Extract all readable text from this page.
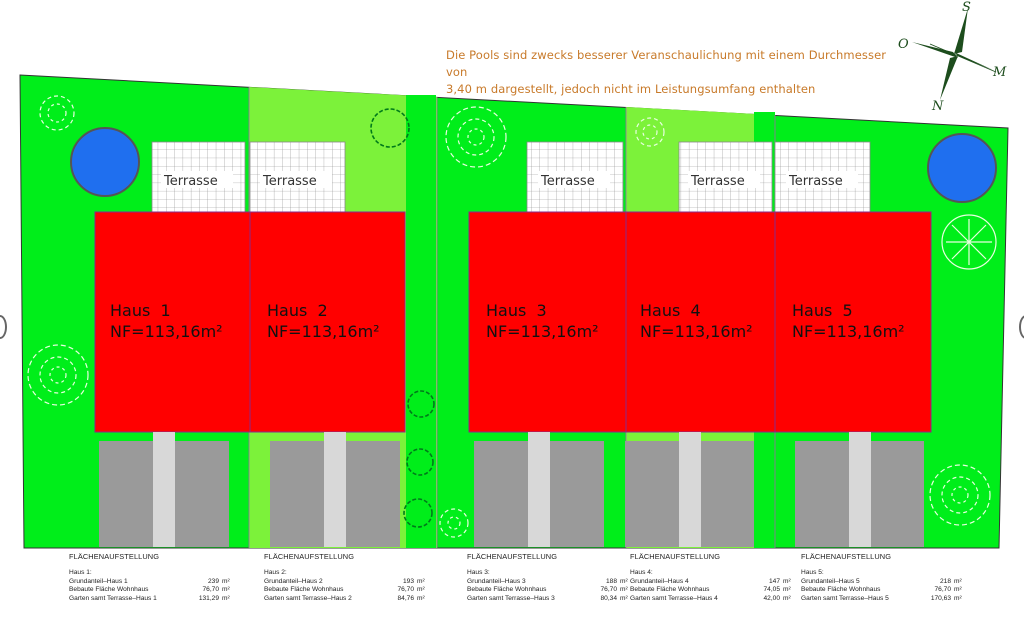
Terrasse	Terrasse	Terrasse	Terrasse	Terrasse
Haus  1
NF=113,16m²
Haus  2
NF=113,16m²
Haus  3
NF=113,16m²
Haus  4
NF=113,16m²
Haus  5
NF=113,16m²
S
O
M
N
Die Pools sind zwecks besserer Veranschaulichung mit einem Durchmesser von
3,40 m dargestellt, jedoch nicht im Leistungsumfang enthalten
FLÄCHENAUFSTELLUNG
Haus 1:
Grundanteil–Haus 1	239 m²
Bebaute Fläche Wohnhaus	76,70 m²
Garten samt Terrasse–Haus 1	131,29 m²
FLÄCHENAUFSTELLUNG
Haus 2:
Grundanteil–Haus 2	193 m²
Bebaute Fläche Wohnhaus	76,70 m²
Garten samt Terrasse–Haus 2	84,76 m²
FLÄCHENAUFSTELLUNG
Haus 3:
Grundanteil–Haus 3	188 m²
Bebaute Fläche Wohnhaus	76,70 m²
Garten samt Terrasse–Haus 3	80,34 m²
FLÄCHENAUFSTELLUNG
Haus 4:
Grundanteil–Haus 4	147 m²
Bebaute Fläche Wohnhaus	74,05 m²
Garten samt Terrasse–Haus 4	42,00 m²
FLÄCHENAUFSTELLUNG
Haus 5:
Grundanteil–Haus 5	218 m²
Bebaute Fläche Wohnhaus	76,70 m²
Garten samt Terrasse–Haus 5	170,63 m²
